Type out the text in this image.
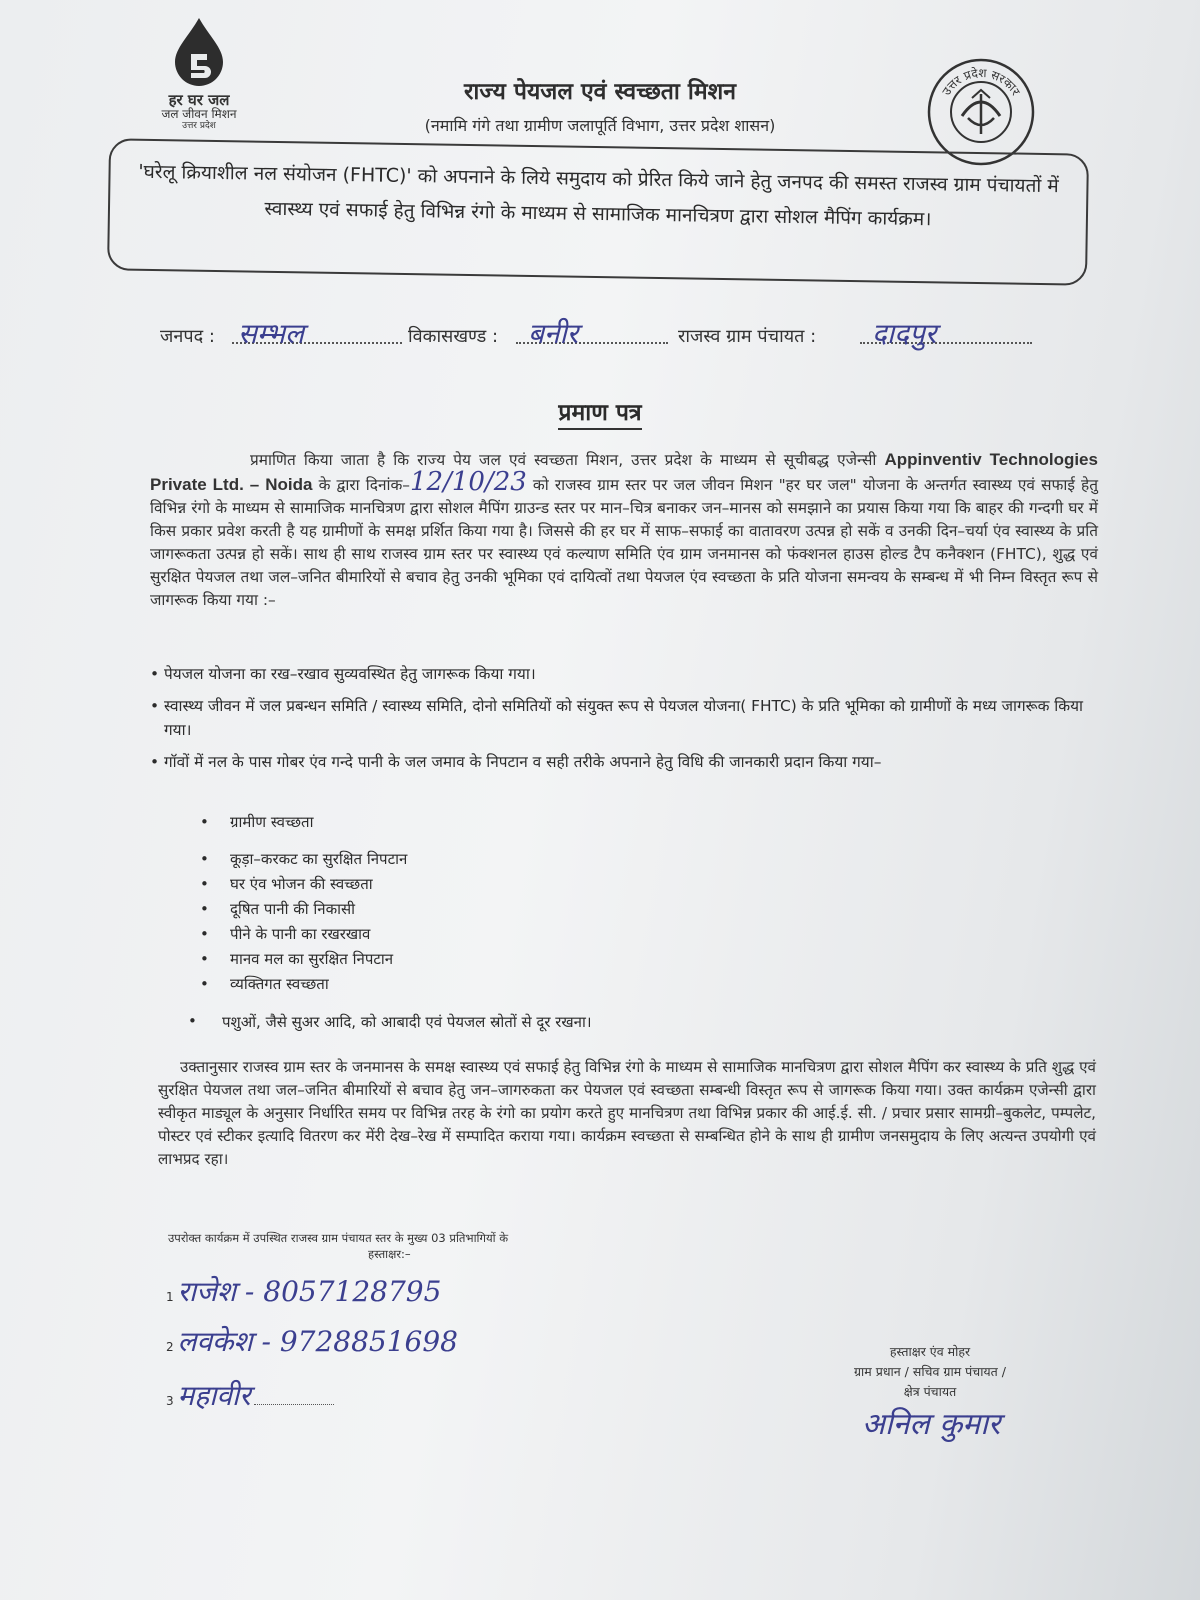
हर घर जल
जल जीवन मिशन
उत्तर प्रदेश
राज्य पेयजल एवं स्वच्छता मिशन
(नमामि गंगे तथा ग्रामीण जलापूर्ति विभाग, उत्तर प्रदेश शासन)
उत्तर प्रदेश सरकार
'घरेलू क्रियाशील नल संयोजन (FHTC)' को अपनाने के लिये समुदाय को प्रेरित किये जाने हेतु जनपद की समस्त राजस्व ग्राम पंचायतों में स्वास्थ्य एवं सफाई हेतु विभिन्न रंगो के माध्यम से सामाजिक मानचित्रण द्वारा सोशल मैपिंग कार्यक्रम।
जनपद : सम्भल	विकासखण्ड : बनीर	राजस्व ग्राम पंचायत : दादपुर
प्रमाण पत्र
प्रमाणित किया जाता है कि राज्य पेय जल एवं स्वच्छता मिशन, उत्तर प्रदेश के माध्यम से सूचीबद्ध एजेन्सी Appinventiv Technologies Private Ltd. – Noida के द्वारा दिनांक–12/10/23 को राजस्व ग्राम स्तर पर जल जीवन मिशन "हर घर जल" योजना के अन्तर्गत स्वास्थ्य एवं सफाई हेतु विभिन्न रंगो के माध्यम से सामाजिक मानचित्रण द्वारा सोशल मैपिंग ग्राउन्ड स्तर पर मान–चित्र बनाकर जन–मानस को समझाने का प्रयास किया गया कि बाहर की गन्दगी घर में किस प्रकार प्रवेश करती है यह ग्रामीणों के समक्ष प्रर्शित किया गया है। जिससे की हर घर में साफ–सफाई का वातावरण उत्पन्न हो सकें व उनकी दिन–चर्या एंव स्वास्थ्य के प्रति जागरूकता उत्पन्न हो सकें। साथ ही साथ राजस्व ग्राम स्तर पर स्वास्थ्य एवं कल्याण समिति एंव ग्राम जनमानस को फंक्शनल हाउस होल्ड टैप कनैक्शन (FHTC), शुद्ध एवं सुरक्षित पेयजल तथा जल–जनित बीमारियों से बचाव हेतु उनकी भूमिका एवं दायित्वों तथा पेयजल एंव स्वच्छता के प्रति योजना समन्वय के सम्बन्ध में भी निम्न विस्तृत रूप से जागरूक किया गया :–
• पेयजल योजना का रख–रखाव सुव्यवस्थित हेतु जागरूक किया गया।
• स्वास्थ्य जीवन में जल प्रबन्धन समिति / स्वास्थ्य समिति, दोनो समितियों को संयुक्त रूप से पेयजल योजना( FHTC) के प्रति भूमिका को ग्रामीणों के मध्य जागरूक किया गया।
• गॉवों में नल के पास गोबर एंव गन्दे पानी के जल जमाव के निपटान व सही तरीके अपनाने हेतु विधि की जानकारी प्रदान किया गया–
• ग्रामीण स्वच्छता
• कूड़ा–करकट का सुरक्षित निपटान
• घर एंव भोजन की स्वच्छता
• दूषित पानी की निकासी
• पीने के पानी का रखरखाव
• मानव मल का सुरक्षित निपटान
• व्यक्तिगत स्वच्छता
• पशुओं, जैसे सुअर आदि, को आबादी एवं पेयजल स्रोतों से दूर रखना।
उक्तानुसार राजस्व ग्राम स्तर के जनमानस के समक्ष स्वास्थ्य एवं सफाई हेतु विभिन्न रंगो के माध्यम से सामाजिक मानचित्रण द्वारा सोशल मैपिंग कर स्वास्थ्य के प्रति शुद्ध एवं सुरक्षित पेयजल तथा जल–जनित बीमारियों से बचाव हेतु जन–जागरुकता कर पेयजल एवं स्वच्छता सम्बन्धी विस्तृत रूप से जागरूक किया गया। उक्त कार्यक्रम एजेन्सी द्वारा स्वीकृत माड्यूल के अनुसार निर्धारित समय पर विभिन्न तरह के रंगो का प्रयोग करते हुए मानचित्रण तथा विभिन्न प्रकार की आई.ई. सी. / प्रचार प्रसार सामग्री–बुकलेट, पम्पलेट, पोस्टर एवं स्टीकर इत्यादि वितरण कर मेंरी देख–रेख में सम्पादित कराया गया। कार्यक्रम स्वच्छता से सम्बन्धित होने के साथ ही ग्रामीण जनसमुदाय के लिए अत्यन्त उपयोगी एवं लाभप्रद रहा।
उपरोक्त कार्यक्रम में उपस्थित राजस्व ग्राम पंचायत स्तर के मुख्य 03 प्रतिभागियों के
हस्ताक्षर:–
1 राजेश - 8057128795
2 लवकेश - 9728851698
3 महावीर
हस्ताक्षर एंव मोहर
ग्राम प्रधान / सचिव ग्राम पंचायत /
क्षेत्र पंचायत
अनिल कुमार
